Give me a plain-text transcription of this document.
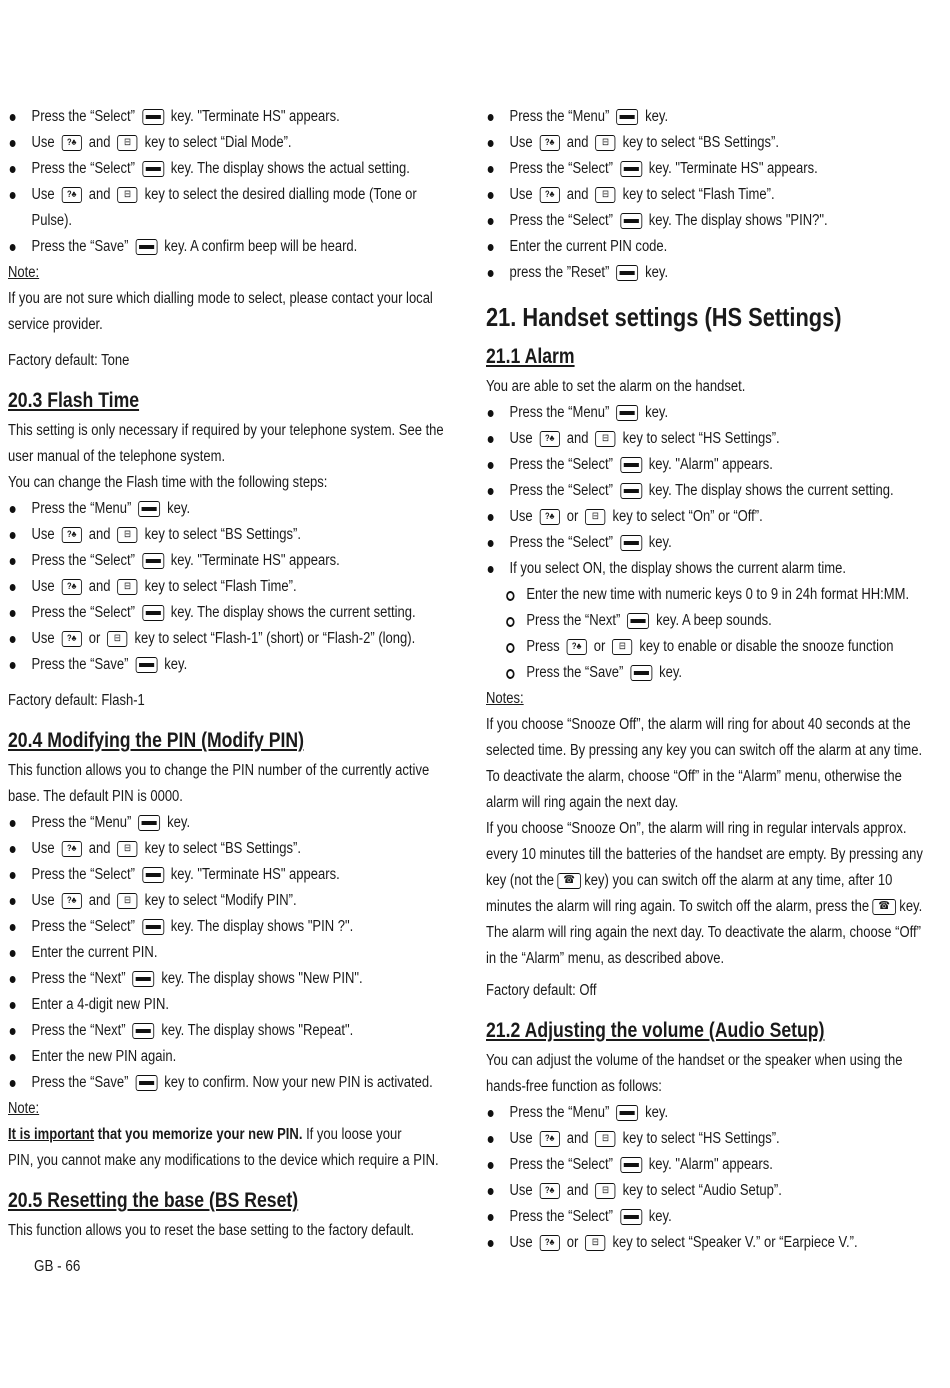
Press the “Select”  key. "Terminate HS" appears.
Use ?♣ and ⊟ key to select “Dial Mode”.
Press the “Select”  key. The display shows the actual setting.
Use ?♣ and ⊟ key to select the desired dialling mode (Tone or
Pulse).
Press the “Save”  key. A confirm beep will be heard.
Note:
If you are not sure which dialling mode to select, please contact your local
service provider.
Factory default: Tone
20.3 Flash Time
This setting is only necessary if required by your telephone system. See the
user manual of the telephone system.
You can change the Flash time with the following steps:
Press the “Menu”  key.
Use ?♣ and ⊟ key to select “BS Settings”.
Press the “Select”  key. "Terminate HS" appears.
Use ?♣ and ⊟ key to select “Flash Time”.
Press the “Select”  key. The display shows the current setting.
Use ?♣ or ⊟ key to select “Flash-1” (short) or “Flash-2” (long).
Press the “Save”  key.
Factory default: Flash-1
20.4 Modifying the PIN (Modify PIN)
This function allows you to change the PIN number of the currently active
base. The default PIN is 0000.
Press the “Menu”  key.
Use ?♣ and ⊟ key to select “BS Settings”.
Press the “Select”  key. "Terminate HS" appears.
Use ?♣ and ⊟ key to select “Modify PIN”.
Press the “Select”  key. The display shows "PIN ?".
Enter the current PIN.
Press the “Next”  key. The display shows "New PIN".
Enter a 4-digit new PIN.
Press the “Next”  key. The display shows "Repeat".
Enter the new PIN again.
Press the “Save”  key to confirm. Now your new PIN is activated.
Note:
It is important that you memorize your new PIN. If you loose your
PIN, you cannot make any modifications to the device which require a PIN.
20.5 Resetting the base (BS Reset)
This function allows you to reset the base setting to the factory default.
Press the “Menu”  key.
Use ?♣ and ⊟ key to select “BS Settings”.
Press the “Select”  key. "Terminate HS" appears.
Use ?♣ and ⊟ key to select “Flash Time”.
Press the “Select”  key. The display shows "PIN?".
Enter the current PIN code.
press the ”Reset”  key.
21. Handset settings (HS Settings)
21.1 Alarm
You are able to set the alarm on the handset.
Press the “Menu”  key.
Use ?♣ and ⊟ key to select “HS Settings”.
Press the “Select”  key. "Alarm" appears.
Press the “Select”  key. The display shows the current setting.
Use ?♣ or ⊟ key to select “On” or “Off”.
Press the “Select”  key.
If you select ON, the display shows the current alarm time.
Enter the new time with numeric keys 0 to 9 in 24h format HH:MM.
Press the “Next”  key. A beep sounds.
Press ?♣ or ⊟ key to enable or disable the snooze function
Press the “Save”  key.
Notes:
If you choose “Snooze Off”, the alarm will ring for about 40 seconds at the
selected time. By pressing any key you can switch off the alarm at any time.
To deactivate the alarm, choose “Off” in the “Alarm” menu, otherwise the
alarm will ring again the next day.
If you choose “Snooze On”, the alarm will ring in regular intervals approx.
every 10 minutes till the batteries of the handset are empty. By pressing any
key (not the ☎ key) you can switch off the alarm at any time, after 10
minutes the alarm will ring again. To switch off the alarm, press the ☎ key.
The alarm will ring again the next day. To deactivate the alarm, choose “Off”
in the “Alarm” menu, as described above.
Factory default: Off
21.2 Adjusting the volume (Audio Setup)
You can adjust the volume of the handset or the speaker when using the
hands-free function as follows:
Press the “Menu”  key.
Use ?♣ and ⊟ key to select “HS Settings”.
Press the “Select”  key. "Alarm" appears.
Use ?♣ and ⊟ key to select “Audio Setup”.
Press the “Select”  key.
Use ?♣ or ⊟ key to select “Speaker V.” or “Earpiece V.”.
GB - 66
